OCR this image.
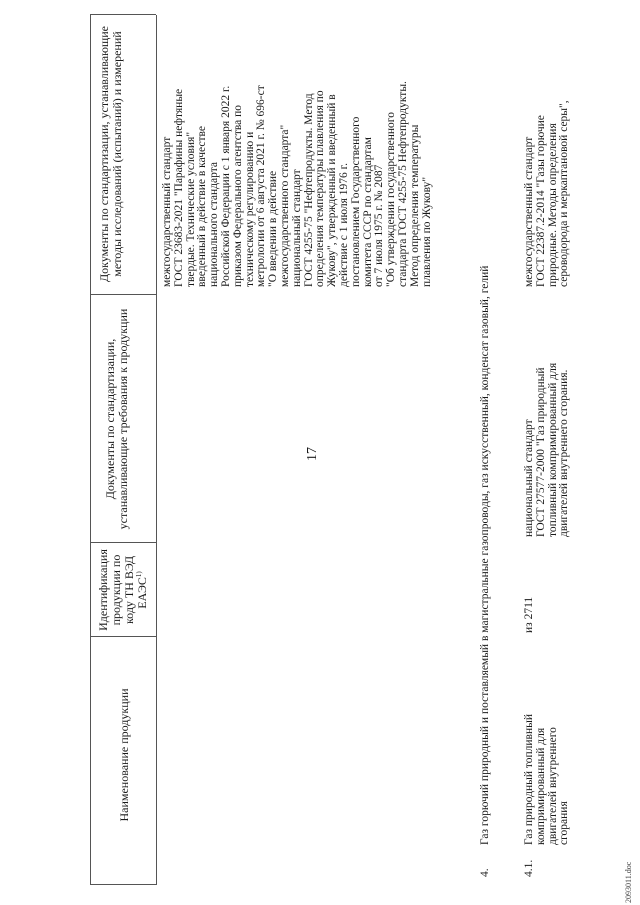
17
Наименование продукции
Идентификация продукции по коду ТН ВЭД ЕАЭС$^{1)}$
Документы по стандартизации, устанавливающие требования к продукции
Документы по стандартизации, устанавливающие методы исследований (испытаний) и измерений	межгосударственный стандарт ГОСТ 23683-2021 "Парафины нефтяные твердые. Технические условия" введенный в действие в качестве национального стандарта Российской Федерации с 1 января 2022 г. приказом Федерального агентства по техническому регулированию и метрологии от 6 августа 2021 г. № 696-ст "О введении в действие межгосударственного стандарта" национальный стандарт ГОСТ 4255-75 "Нефтепродукты. Метод определения температуры плавления по Жукову", утвержденный и введенный в действие с 1 июля 1976 г. постановлением Государственного комитета СССР по стандартам от 7 июля 1975 г. № 2087 "Об утверждении государственного стандарта ГОСТ 4255-75 Нефтепродукты. Метод определения температуры плавления по Жукову"
4.
Газ горючий природный и поставляемый в магистральные газопроводы, газ искусственный, конденсат газовый, гелий
4.1.
Газ природный топливный компримированный для двигателей внутреннего сгорания
из 2711
национальный стандарт ГОСТ 27577-2000 "Газ природный топливный компримированный для двигателей внутреннего сгорания.
межгосударственный стандарт ГОСТ 22387.2-2014 "Газы горючие природные. Методы определения сероводорода и меркаптановой серы",
2093011.doc
